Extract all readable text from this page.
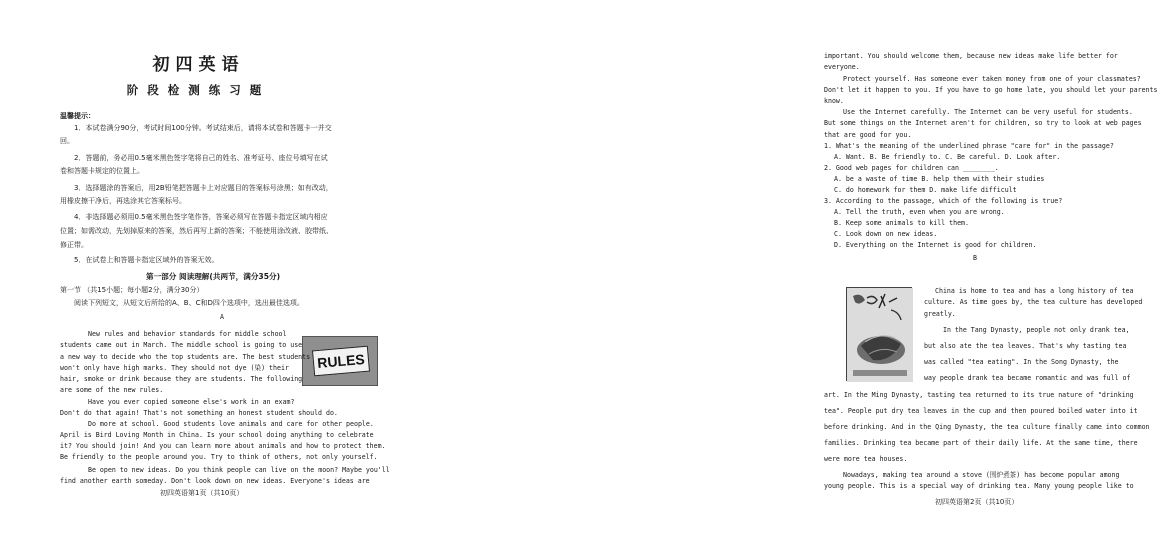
初四英语
阶段检测练习题
温馨提示：
1．本试卷满分90分，考试时间100分钟。考试结束后，请将本试卷和答题卡一并交
回。
2．答题前，务必用0.5毫米黑色签字笔将自己的姓名、准考证号、座位号填写在试
卷和答题卡规定的位置上。
3．选择题涂的答案后，用2B铅笔把答题卡上对应题目的答案标号涂黑；如有改动，
用橡皮擦干净后，再选涂其它答案标号。
4．非选择题必须用0.5毫米黑色签字笔作答，答案必须写在答题卡指定区域内相应
位置；如需改动，先划掉原来的答案，然后再写上新的答案；不能使用涂改液、胶带纸、
修正带。
5．在试卷上和答题卡指定区域外的答案无效。
第一部分 阅读理解(共两节，满分35分)
第一节 （共15小题；每小题2分，满分30分）
阅读下列短文，从短文后所给的A、B、C和D四个选项中，选出最佳选项。
A
RULES
New rules and behavior standards for middle school
students came out in March. The middle school is going to use
a new way to decide who the top students are. The best students
won't only have high marks. They should not dye (染) their
hair, smoke or drink because they are students. The following
are some of the new rules.
Have you ever copied someone else's work in an exam?
Don't do that again! That's not something an honest student should do.
Do more at school. Good students love animals and care for other people.
April is Bird Loving Month in China. Is your school doing anything to celebrate
it? You should join! And you can learn more about animals and how to protect them.
Be friendly to the people around you. Try to think of others, not only yourself.
Be open to new ideas. Do you think people can live on the moon? Maybe you'll
find another earth someday. Don't look down on new ideas. Everyone's ideas are
初四英语第1页（共10页）
important. You should welcome them, because new ideas make life better for
everyone.
Protect yourself. Has someone ever taken money from one of your classmates?
Don't let it happen to you. If you have to go home late, you should let your parents
know.
Use the Internet carefully. The Internet can be very useful for students.
But some things on the Internet aren't for children, so try to look at web pages
that are good for you.
1. What's the meaning of the underlined phrase "care for" in the passage?
A. Want. B. Be friendly to. C. Be careful. D. Look after.
2. Good web pages for children can ________.
A. be a waste of time B. help them with their studies
C. do homework for them D. make life difficult
3. According to the passage, which of the following is true?
A. Tell the truth, even when you are wrong.
B. Keep some animals to kill them.
C. Look down on new ideas.
D. Everything on the Internet is good for children.
B
China is home to tea and has a long history of tea
culture. As time goes by, the tea culture has developed
greatly.
In the Tang Dynasty, people not only drank tea,
but also ate the tea leaves. That's why tasting tea
was called "tea eating". In the Song Dynasty, the
way people drank tea became romantic and was full of
art. In the Ming Dynasty, tasting tea returned to its true nature of "drinking
tea". People put dry tea leaves in the cup and then poured boiled water into it
before drinking. And in the Qing Dynasty, the tea culture finally came into common
families. Drinking tea became part of their daily life. At the same time, there
were more tea houses.
Nowadays, making tea around a stove (围炉煮茶) has become popular among
young people. This is a special way of drinking tea. Many young people like to
初四英语第2页（共10页）
